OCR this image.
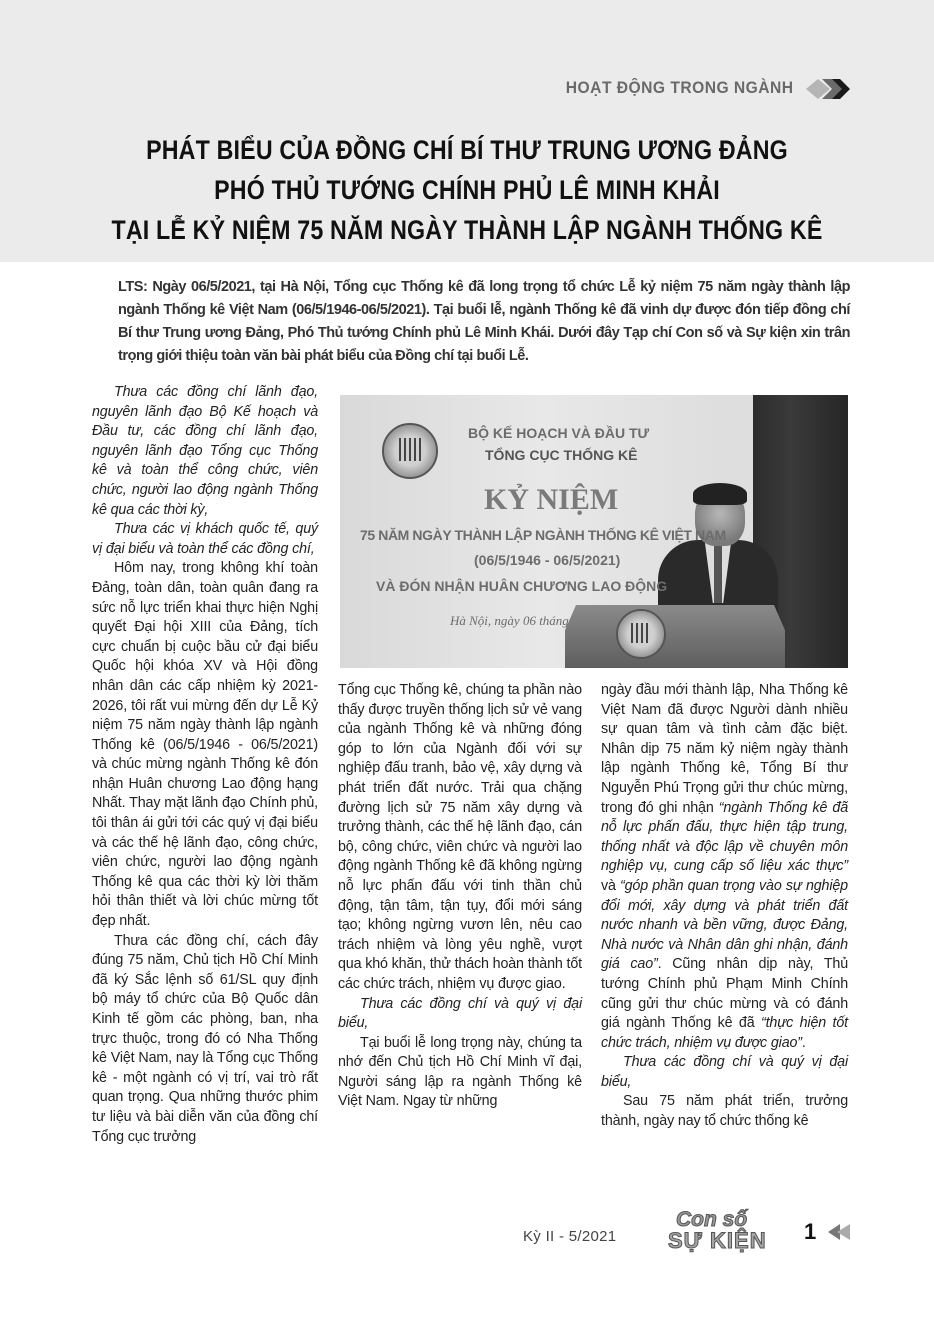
HOẠT ĐỘNG TRONG NGÀNH
PHÁT BIỂU CỦA ĐỒNG CHÍ BÍ THƯ TRUNG ƯƠNG ĐẢNG
PHÓ THỦ TƯỚNG CHÍNH PHỦ LÊ MINH KHẢI
TẠI LỄ KỶ NIỆM 75 NĂM NGÀY THÀNH LẬP NGÀNH THỐNG KÊ
LTS: Ngày 06/5/2021, tại Hà Nội, Tổng cục Thống kê đã long trọng tổ chức Lễ kỷ niệm 75 năm ngày thành lập ngành Thống kê Việt Nam (06/5/1946-06/5/2021). Tại buổi lễ, ngành Thống kê đã vinh dự được đón tiếp đồng chí Bí thư Trung ương Đảng, Phó Thủ tướng Chính phủ Lê Minh Khái. Dưới đây Tạp chí Con số và Sự kiện xin trân trọng giới thiệu toàn văn bài phát biểu của Đồng chí tại buổi Lễ.

Thưa các đồng chí lãnh đạo, nguyên lãnh đạo Bộ Kế hoạch và Đầu tư, các đồng chí lãnh đạo, nguyên lãnh đạo Tổng cục Thống kê và toàn thể công chức, viên chức, người lao động ngành Thống kê qua các thời kỳ,

Thưa các vị khách quốc tế, quý vị đại biểu và toàn thể các đồng chí,

Hôm nay, trong không khí toàn Đảng, toàn dân, toàn quân đang ra sức nỗ lực triển khai thực hiện Nghị quyết Đại hội XIII của Đảng, tích cực chuẩn bị cuộc bầu cử đại biểu Quốc hội khóa XV và Hội đồng nhân dân các cấp nhiệm kỳ 2021-2026, tôi rất vui mừng đến dự Lễ Kỷ niệm 75 năm ngày thành lập ngành Thống kê (06/5/1946 - 06/5/2021) và chúc mừng ngành Thống kê đón nhận Huân chương Lao động hạng Nhất. Thay mặt lãnh đạo Chính phủ, tôi thân ái gửi tới các quý vị đại biểu và các thế hệ lãnh đạo, công chức, viên chức, người lao động ngành Thống kê qua các thời kỳ lời thăm hỏi thân thiết và lời chúc mừng tốt đẹp nhất.

Thưa các đồng chí, cách đây đúng 75 năm, Chủ tịch Hồ Chí Minh đã ký Sắc lệnh số 61/SL quy định bộ máy tổ chức của Bộ Quốc dân Kinh tế gồm các phòng, ban, nha trực thuộc, trong đó có Nha Thống kê Việt Nam, nay là Tổng cục Thống kê - một ngành có vị trí, vai trò rất quan trọng. Qua những thước phim tư liệu và bài diễn văn của đồng chí Tổng cục trưởng

BỘ KẾ HOẠCH VÀ ĐẦU TƯ
TỔNG CỤC THỐNG KÊ
KỶ NIỆM
75 NĂM NGÀY THÀNH LẬP NGÀNH THỐNG KÊ VIỆT NAM
(06/5/1946 - 06/5/2021)
VÀ ĐÓN NHẬN HUÂN CHƯƠNG LAO ĐỘNG
Hà Nội, ngày 06 tháng

Tổng cục Thống kê, chúng ta phần nào thấy được truyền thống lịch sử vẻ vang của ngành Thống kê và những đóng góp to lớn của Ngành đối với sự nghiệp đấu tranh, bảo vệ, xây dựng và phát triển đất nước. Trải qua chặng đường lịch sử 75 năm xây dựng và trưởng thành, các thế hệ lãnh đạo, cán bộ, công chức, viên chức và người lao động ngành Thống kê đã không ngừng nỗ lực phấn đấu với tinh thần chủ động, tận tâm, tận tụy, đổi mới sáng tạo; không ngừng vươn lên, nêu cao trách nhiệm và lòng yêu nghề, vượt qua khó khăn, thử thách hoàn thành tốt các chức trách, nhiệm vụ được giao.

Thưa các đồng chí và quý vị đại biểu,

Tại buổi lễ long trọng này, chúng ta nhớ đến Chủ tịch Hồ Chí Minh vĩ đại, Người sáng lập ra ngành Thống kê Việt Nam. Ngay từ những

ngày đầu mới thành lập, Nha Thống kê Việt Nam đã được Người dành nhiều sự quan tâm và tình cảm đặc biệt. Nhân dịp 75 năm kỷ niệm ngày thành lập ngành Thống kê, Tổng Bí thư Nguyễn Phú Trọng gửi thư chúc mừng, trong đó ghi nhận “ngành Thống kê đã nỗ lực phấn đấu, thực hiện tập trung, thống nhất và độc lập về chuyên môn nghiệp vụ, cung cấp số liệu xác thực” và “góp phần quan trọng vào sự nghiệp đổi mới, xây dựng và phát triển đất nước nhanh và bền vững, được Đảng, Nhà nước và Nhân dân ghi nhận, đánh giá cao”. Cũng nhân dịp này, Thủ tướng Chính phủ Phạm Minh Chính cũng gửi thư chúc mừng và có đánh giá ngành Thống kê đã “thực hiện tốt chức trách, nhiệm vụ được giao”.

Thưa các đồng chí và quý vị đại biểu,

Sau 75 năm phát triển, trưởng thành, ngày nay tổ chức thống kê

Kỳ II - 5/2021
Con số
SỰ KIỆN 1
